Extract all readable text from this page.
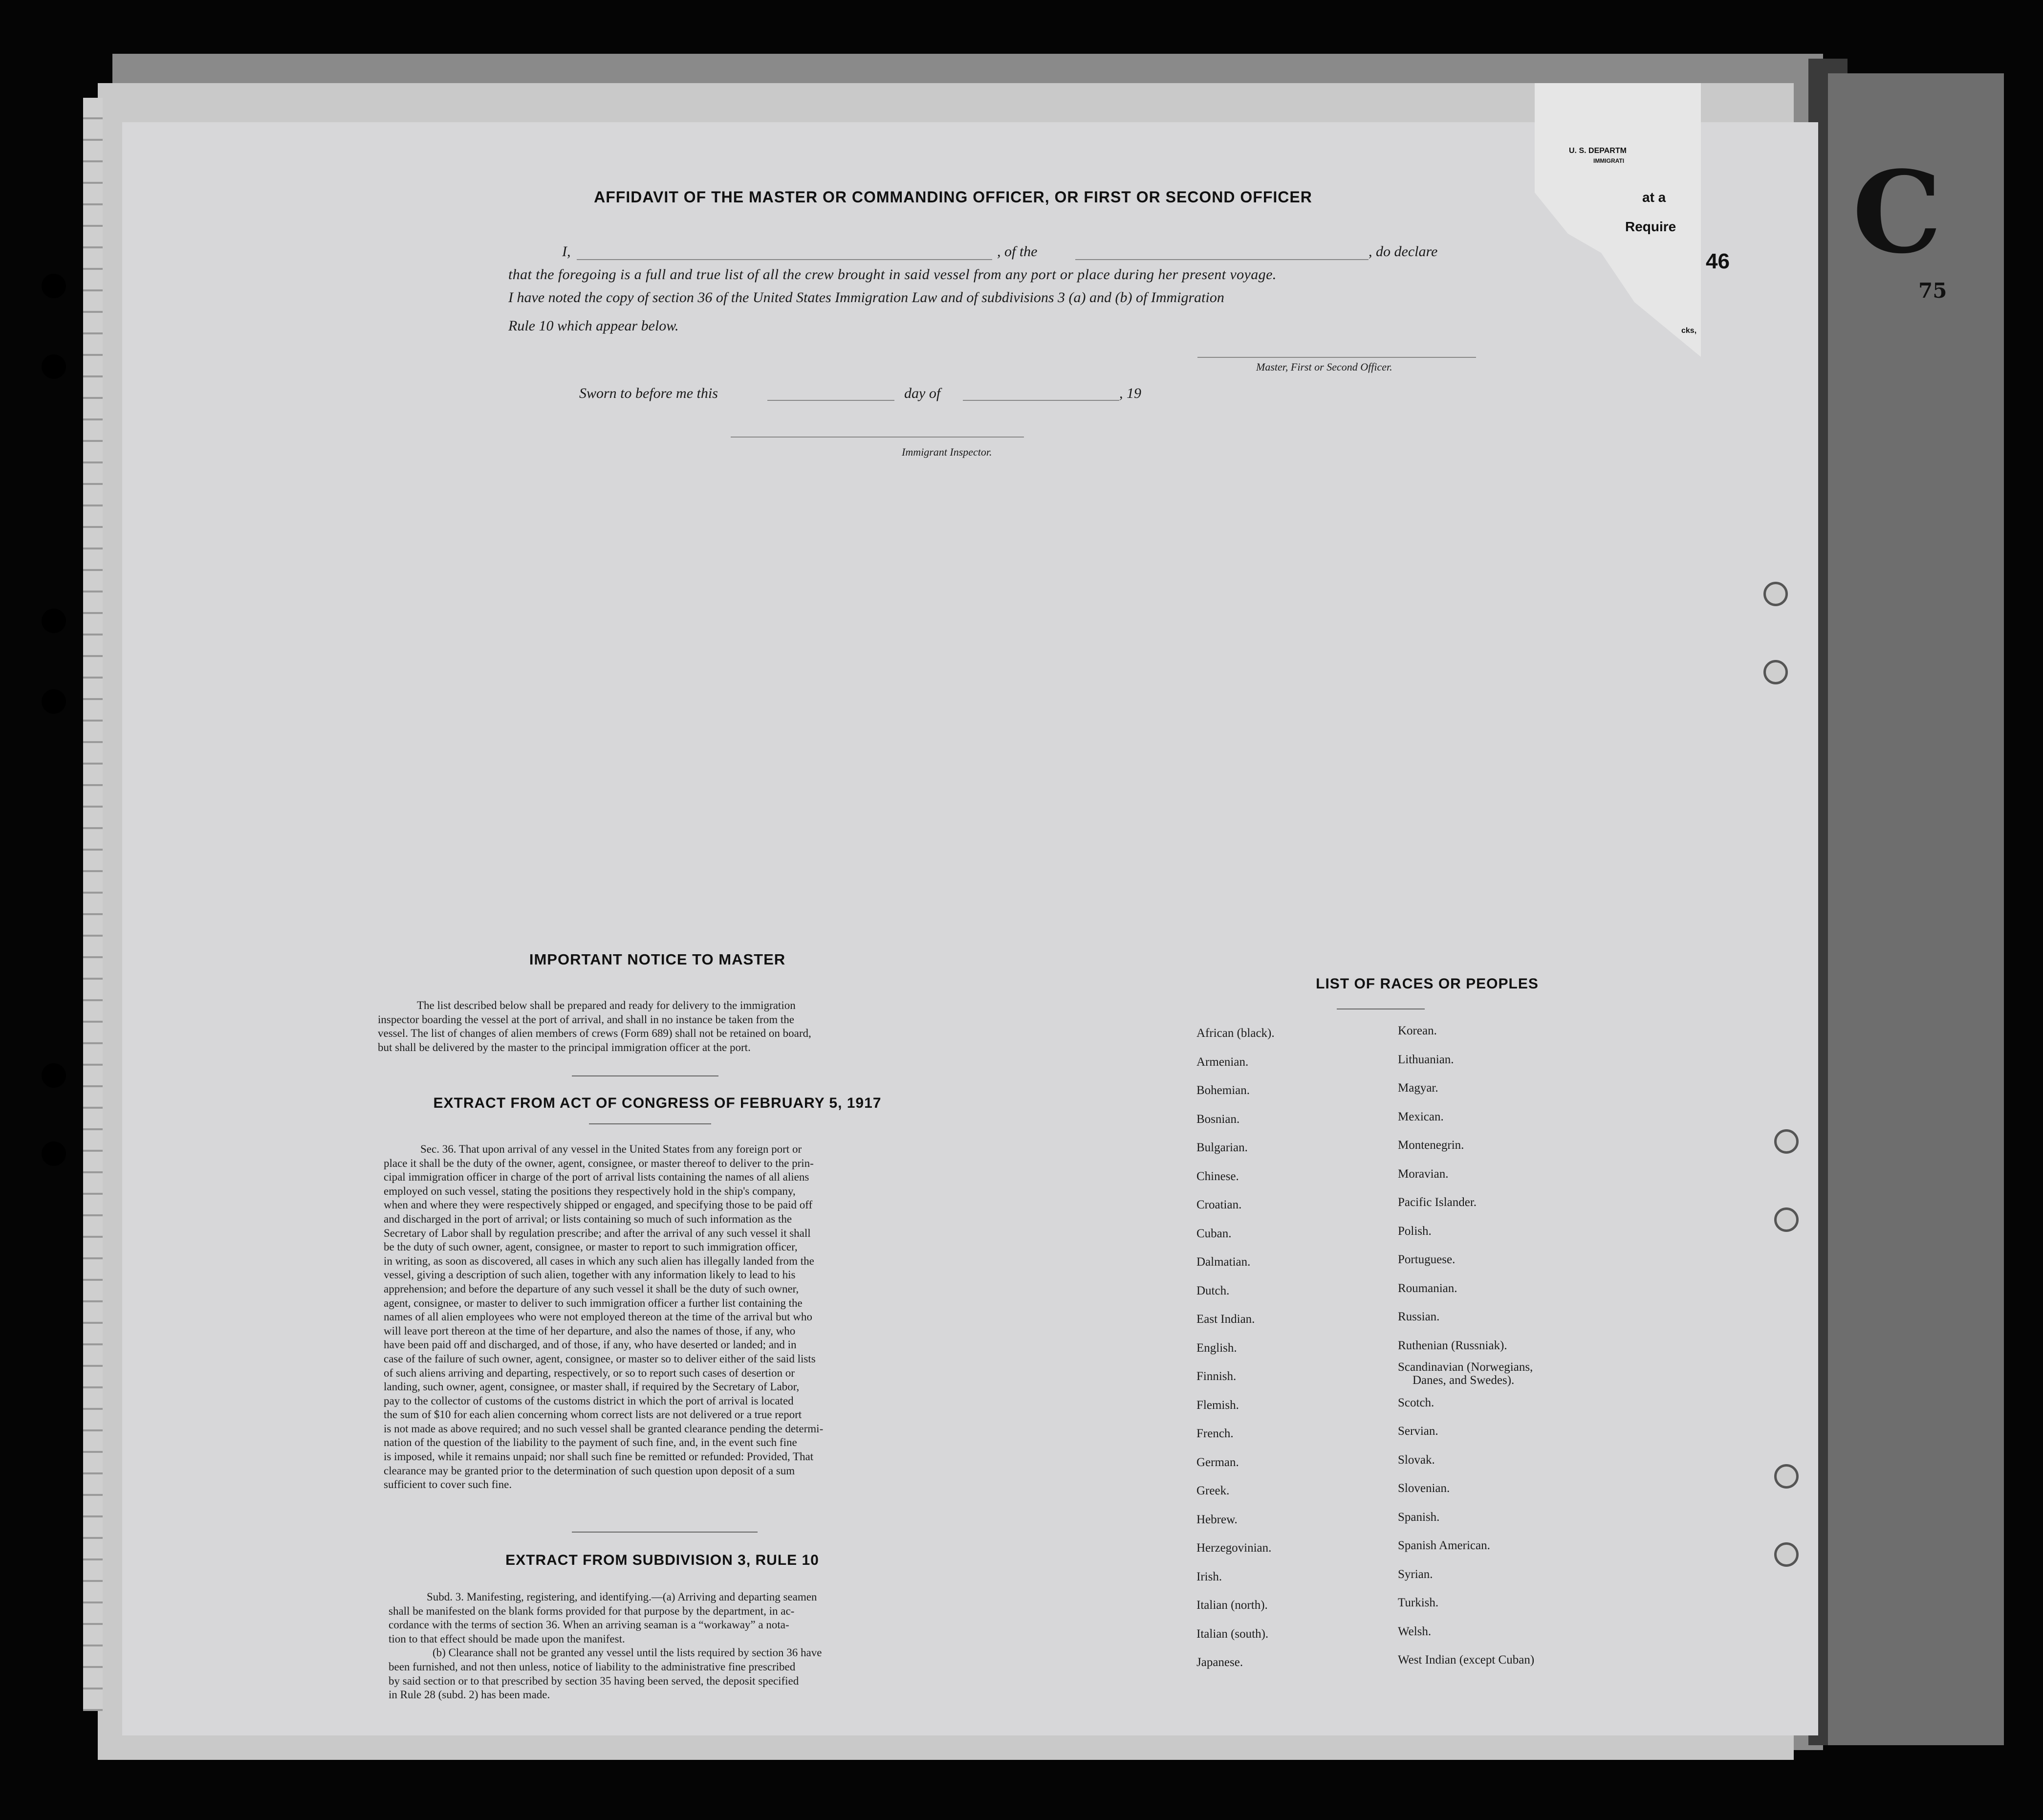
C
75
U. S. DEPARTM
IMMIGRATI
at a
Require
46
cks,
AFFIDAVIT OF THE MASTER OR COMMANDING OFFICER, OR FIRST OR SECOND OFFICER
I,	, of the	, do declare
that the foregoing is a full and true list of all the crew brought in said vessel from any port or place during her present voyage.
I have noted the copy of section 36 of the United States Immigration Law and of subdivisions 3 (a) and (b) of Immigration
Rule 10 which appear below.
Master, First or Second Officer.
Sworn to before me this	day of	, 19
Immigrant Inspector.
IMPORTANT NOTICE TO MASTER
The list described below shall be prepared and ready for delivery to the immigration
inspector boarding the vessel at the port of arrival, and shall in no instance be taken from the
vessel. The list of changes of alien members of crews (Form 689) shall not be retained on board,
but shall be delivered by the master to the principal immigration officer at the port.
EXTRACT FROM ACT OF CONGRESS OF FEBRUARY 5, 1917
Sec. 36. That upon arrival of any vessel in the United States from any foreign port or
place it shall be the duty of the owner, agent, consignee, or master thereof to deliver to the prin-
cipal immigration officer in charge of the port of arrival lists containing the names of all aliens
employed on such vessel, stating the positions they respectively hold in the ship's company,
when and where they were respectively shipped or engaged, and specifying those to be paid off
and discharged in the port of arrival; or lists containing so much of such information as the
Secretary of Labor shall by regulation prescribe; and after the arrival of any such vessel it shall
be the duty of such owner, agent, consignee, or master to report to such immigration officer,
in writing, as soon as discovered, all cases in which any such alien has illegally landed from the
vessel, giving a description of such alien, together with any information likely to lead to his
apprehension; and before the departure of any such vessel it shall be the duty of such owner,
agent, consignee, or master to deliver to such immigration officer a further list containing the
names of all alien employees who were not employed thereon at the time of the arrival but who
will leave port thereon at the time of her departure, and also the names of those, if any, who
have been paid off and discharged, and of those, if any, who have deserted or landed; and in
case of the failure of such owner, agent, consignee, or master so to deliver either of the said lists
of such aliens arriving and departing, respectively, or so to report such cases of desertion or
landing, such owner, agent, consignee, or master shall, if required by the Secretary of Labor,
pay to the collector of customs of the customs district in which the port of arrival is located
the sum of $10 for each alien concerning whom correct lists are not delivered or a true report
is not made as above required; and no such vessel shall be granted clearance pending the determi-
nation of the question of the liability to the payment of such fine, and, in the event such fine
is imposed, while it remains unpaid; nor shall such fine be remitted or refunded: Provided, That
clearance may be granted prior to the determination of such question upon deposit of a sum
sufficient to cover such fine.
EXTRACT FROM SUBDIVISION 3, RULE 10
Subd. 3. Manifesting, registering, and identifying.—(a) Arriving and departing seamen
shall be manifested on the blank forms provided for that purpose by the department, in ac-
cordance with the terms of section 36. When an arriving seaman is a “workaway” a nota-
tion to that effect should be made upon the manifest.
(b) Clearance shall not be granted any vessel until the lists required by section 36 have
been furnished, and not then unless, notice of liability to the administrative fine prescribed
by said section or to that prescribed by section 35 having been served, the deposit specified
in Rule 28 (subd. 2) has been made.
LIST OF RACES OR PEOPLES
African (black).
Armenian.
Bohemian.
Bosnian.
Bulgarian.
Chinese.
Croatian.
Cuban.
Dalmatian.
Dutch.
East Indian.
English.
Finnish.
Flemish.
French.
German.
Greek.
Hebrew.
Herzegovinian.
Irish.
Italian (north).
Italian (south).
Japanese.
Korean.
Lithuanian.
Magyar.
Mexican.
Montenegrin.
Moravian.
Pacific Islander.
Polish.
Portuguese.
Roumanian.
Russian.
Ruthenian (Russniak).
Scandinavian (Norwegians,
Danes, and Swedes).
Scotch.
Servian.
Slovak.
Slovenian.
Spanish.
Spanish American.
Syrian.
Turkish.
Welsh.
West Indian (except Cuban)
